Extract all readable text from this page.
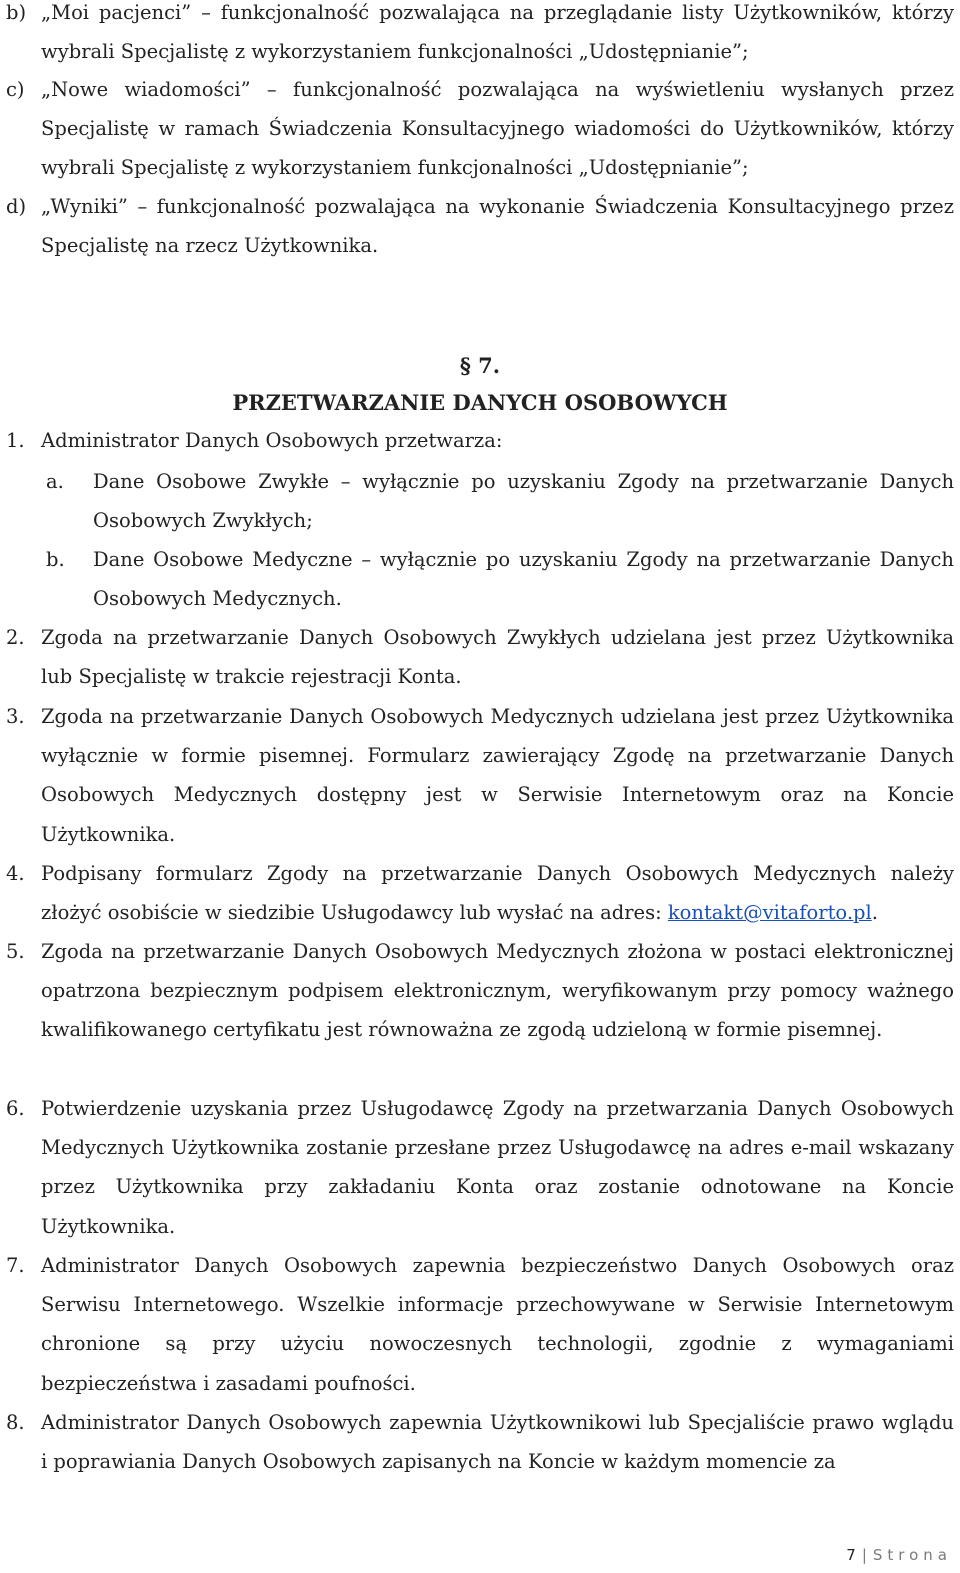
b) „Moi pacjenci” – funkcjonalność pozwalająca na przeglądanie listy Użytkowników, którzy wybrali Specjalistę z wykorzystaniem funkcjonalności „Udostępnianie”;
c) „Nowe wiadomości” – funkcjonalność pozwalająca na wyświetleniu wysłanych przez Specjalistę w ramach Świadczenia Konsultacyjnego wiadomości do Użytkowników, którzy wybrali Specjalistę z wykorzystaniem funkcjonalności „Udostępnianie”;
d) „Wyniki” – funkcjonalność pozwalająca na wykonanie Świadczenia Konsultacyjnego przez Specjalistę na rzecz Użytkownika.
§ 7.
PRZETWARZANIE DANYCH OSOBOWYCH
1. Administrator Danych Osobowych przetwarza:
a.	Dane Osobowe Zwykłe – wyłącznie po uzyskaniu Zgody na przetwarzanie Danych Osobowych Zwykłych;
b.	Dane Osobowe Medyczne – wyłącznie po uzyskaniu Zgody na przetwarzanie Danych Osobowych Medycznych.
2. Zgoda na przetwarzanie Danych Osobowych Zwykłych udzielana jest przez Użytkownika lub Specjalistę w trakcie rejestracji Konta.
3. Zgoda na przetwarzanie Danych Osobowych Medycznych udzielana jest przez Użytkownika wyłącznie w formie pisemnej. Formularz zawierający Zgodę na przetwarzanie Danych Osobowych Medycznych dostępny jest w Serwisie Internetowym oraz na Koncie Użytkownika.
4. Podpisany formularz Zgody na przetwarzanie Danych Osobowych Medycznych należy złożyć osobiście w siedzibie Usługodawcy lub wysłać na adres: kontakt@vitaforto.pl.
5. Zgoda na przetwarzanie Danych Osobowych Medycznych złożona w postaci elektronicznej opatrzona bezpiecznym podpisem elektronicznym, weryfikowanym przy pomocy ważnego kwalifikowanego certyfikatu jest równoważna ze zgodą udzieloną w formie pisemnej.
6. Potwierdzenie uzyskania przez Usługodawcę Zgody na przetwarzania Danych Osobowych Medycznych Użytkownika zostanie przesłane przez Usługodawcę na adres e-mail wskazany przez Użytkownika przy zakładaniu Konta oraz zostanie odnotowane na Koncie Użytkownika.
7. Administrator Danych Osobowych zapewnia bezpieczeństwo Danych Osobowych oraz Serwisu Internetowego. Wszelkie informacje przechowywane w Serwisie Internetowym chronione są przy użyciu nowoczesnych technologii, zgodnie z wymaganiami bezpieczeństwa i zasadami poufności.
8. Administrator Danych Osobowych zapewnia Użytkownikowi lub Specjaliście prawo wglądu i poprawiania Danych Osobowych zapisanych na Koncie w każdym momencie za
7 | Strona
